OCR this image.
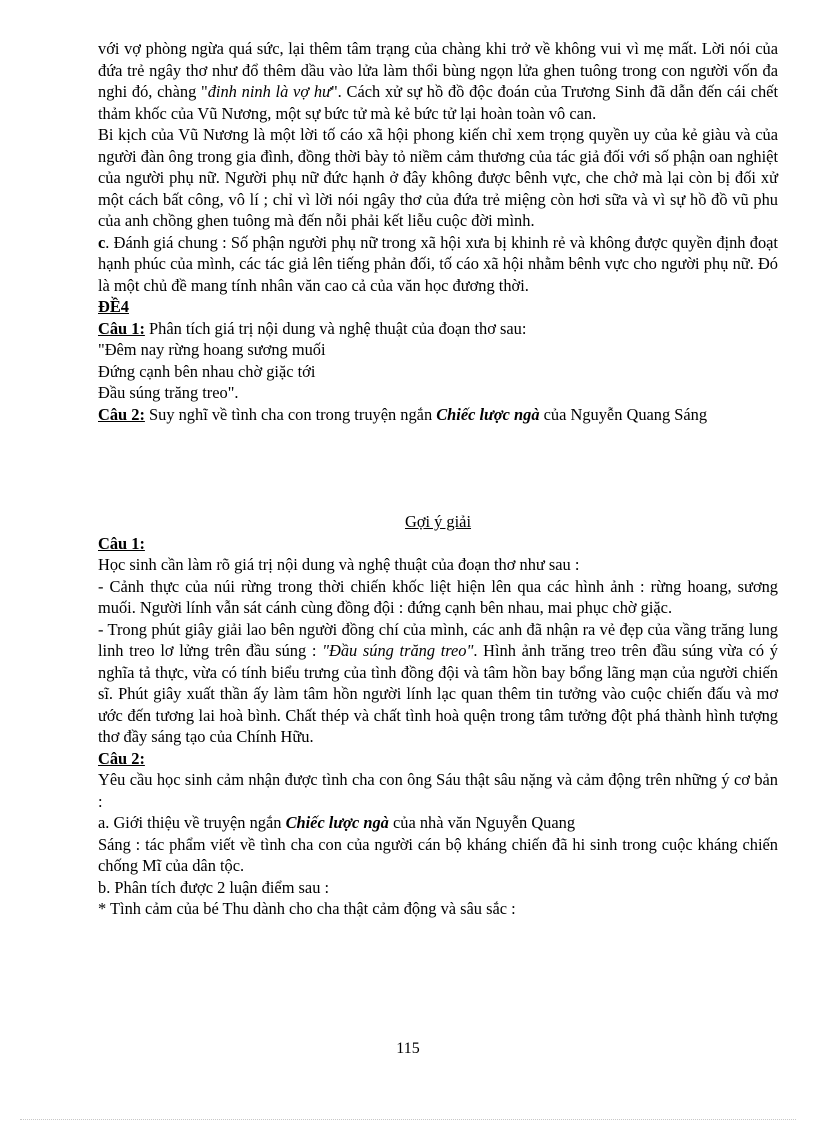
với vợ phòng ngừa quá sức, lại thêm tâm trạng của chàng khi trở về không vui vì mẹ mất. Lời nói của đứa trẻ ngây thơ như đổ thêm dầu vào lửa làm thổi bùng ngọn lửa ghen tuông trong con người vốn đa nghi đó, chàng "đinh ninh là vợ hư". Cách xử sự hồ đồ độc đoán của Trương Sinh đã dẫn đến cái chết thảm khốc của Vũ Nương, một sự bức tử mà kẻ bức tử lại hoàn toàn vô can.

Bi kịch của Vũ Nương là một lời tố cáo xã hội phong kiến chỉ xem trọng quyền uy của kẻ giàu và của người đàn ông trong gia đình, đồng thời bày tỏ niềm cảm thương của tác giả đối với số phận oan nghiệt của người phụ nữ. Người phụ nữ đức hạnh ở đây không được bênh vực, che chở mà lại còn bị đối xử một cách bất công, vô lí ; chỉ vì lời nói ngây thơ của đứa trẻ miệng còn hơi sữa và vì sự hồ đồ vũ phu của anh chồng ghen tuông mà đến nỗi phải kết liễu cuộc đời mình.

c. Đánh giá chung : Số phận người phụ nữ trong xã hội xưa bị khinh rẻ và không được quyền định đoạt hạnh phúc của mình, các tác giả lên tiếng phản đối, tố cáo xã hội nhằm bênh vực cho người phụ nữ. Đó là một chủ đề mang tính nhân văn cao cả của văn học đương thời.

ĐỀ4

Câu 1: Phân tích giá trị nội dung và nghệ thuật của đoạn thơ sau:

"Đêm nay rừng hoang sương muối

Đứng cạnh bên nhau chờ giặc tới

Đầu súng trăng treo".

Câu 2: Suy nghĩ về tình cha con trong truyện ngắn Chiếc lược ngà của Nguyễn Quang Sáng

Gợi ý giải

Câu 1:

Học sinh cần làm rõ giá trị nội dung và nghệ thuật của đoạn thơ như sau :

- Cảnh thực của núi rừng trong thời chiến khốc liệt hiện lên qua các hình ảnh : rừng hoang, sương muối. Người lính vẫn sát cánh cùng đồng đội : đứng cạnh bên nhau, mai phục chờ giặc.

- Trong phút giây giải lao bên người đồng chí của mình, các anh đã nhận ra vẻ đẹp của vầng trăng lung linh treo lơ lửng trên đầu súng : "Đầu súng trăng treo". Hình ảnh trăng treo trên đầu súng vừa có ý nghĩa tả thực, vừa có tính biểu trưng của tình đồng đội và tâm hồn bay bổng lãng mạn của người chiến sĩ. Phút giây xuất thần ấy làm tâm hồn người lính lạc quan thêm tin tưởng vào cuộc chiến đấu và mơ ước đến tương lai hoà bình. Chất thép và chất tình hoà quện trong tâm tưởng đột phá thành hình tượng thơ đầy sáng tạo của Chính Hữu.

Câu 2:

Yêu cầu học sinh cảm nhận được tình cha con ông Sáu thật sâu nặng và cảm động trên những ý cơ bản :

a. Giới thiệu về truyện ngắn Chiếc lược ngà của nhà văn Nguyễn Quang

Sáng : tác phẩm viết về tình cha con của người cán bộ kháng chiến đã hi sinh trong cuộc kháng chiến chống Mĩ của dân tộc.

b. Phân tích được 2 luận điểm sau :

* Tình cảm của bé Thu dành cho cha thật cảm động và sâu sắc :

115
